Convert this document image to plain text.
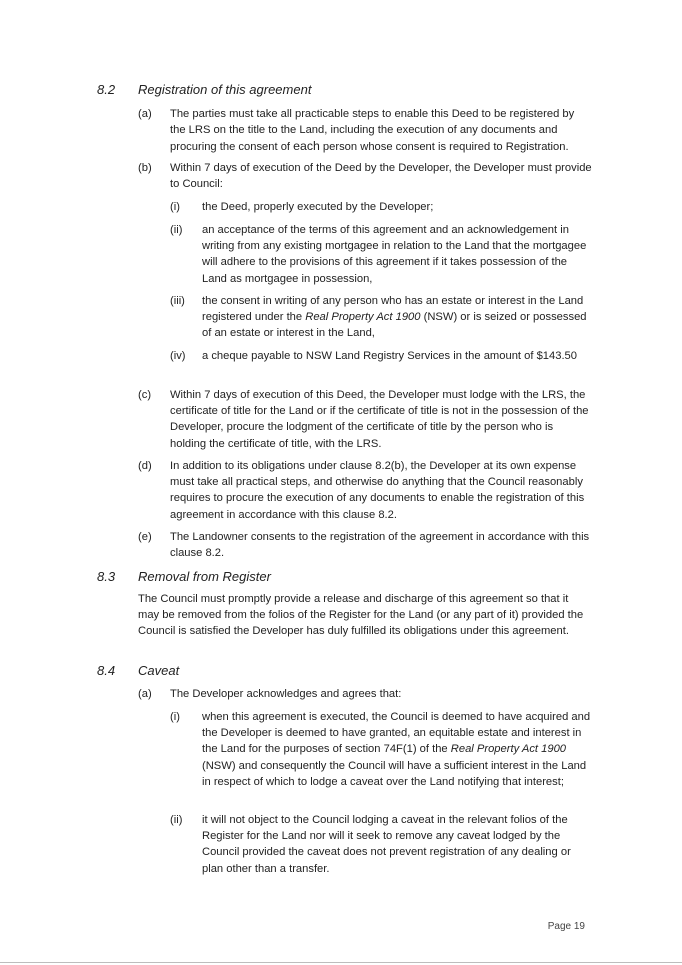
8.2 Registration of this agreement
(a) The parties must take all practicable steps to enable this Deed to be registered by the LRS on the title to the Land, including the execution of any documents and procuring the consent of each person whose consent is required to Registration.
(b) Within 7 days of execution of the Deed by the Developer, the Developer must provide to Council:
(i) the Deed, properly executed by the Developer;
(ii) an acceptance of the terms of this agreement and an acknowledgement in writing from any existing mortgagee in relation to the Land that the mortgagee will adhere to the provisions of this agreement if it takes possession of the Land as mortgagee in possession,
(iii) the consent in writing of any person who has an estate or interest in the Land registered under the Real Property Act 1900 (NSW) or is seized or possessed of an estate or interest in the Land,
(iv) a cheque payable to NSW Land Registry Services in the amount of $143.50
(c) Within 7 days of execution of this Deed, the Developer must lodge with the LRS, the certificate of title for the Land or if the certificate of title is not in the possession of the Developer, procure the lodgment of the certificate of title by the person who is holding the certificate of title, with the LRS.
(d) In addition to its obligations under clause 8.2(b), the Developer at its own expense must take all practical steps, and otherwise do anything that the Council reasonably requires to procure the execution of any documents to enable the registration of this agreement in accordance with this clause 8.2.
(e) The Landowner consents to the registration of the agreement in accordance with this clause 8.2.
8.3 Removal from Register
The Council must promptly provide a release and discharge of this agreement so that it may be removed from the folios of the Register for the Land (or any part of it) provided the Council is satisfied the Developer has duly fulfilled its obligations under this agreement.
8.4 Caveat
(a) The Developer acknowledges and agrees that:
(i) when this agreement is executed, the Council is deemed to have acquired and the Developer is deemed to have granted, an equitable estate and interest in the Land for the purposes of section 74F(1) of the Real Property Act 1900 (NSW) and consequently the Council will have a sufficient interest in the Land in respect of which to lodge a caveat over the Land notifying that interest;
(ii) it will not object to the Council lodging a caveat in the relevant folios of the Register for the Land nor will it seek to remove any caveat lodged by the Council provided the caveat does not prevent registration of any dealing or plan other than a transfer.
Page 19
